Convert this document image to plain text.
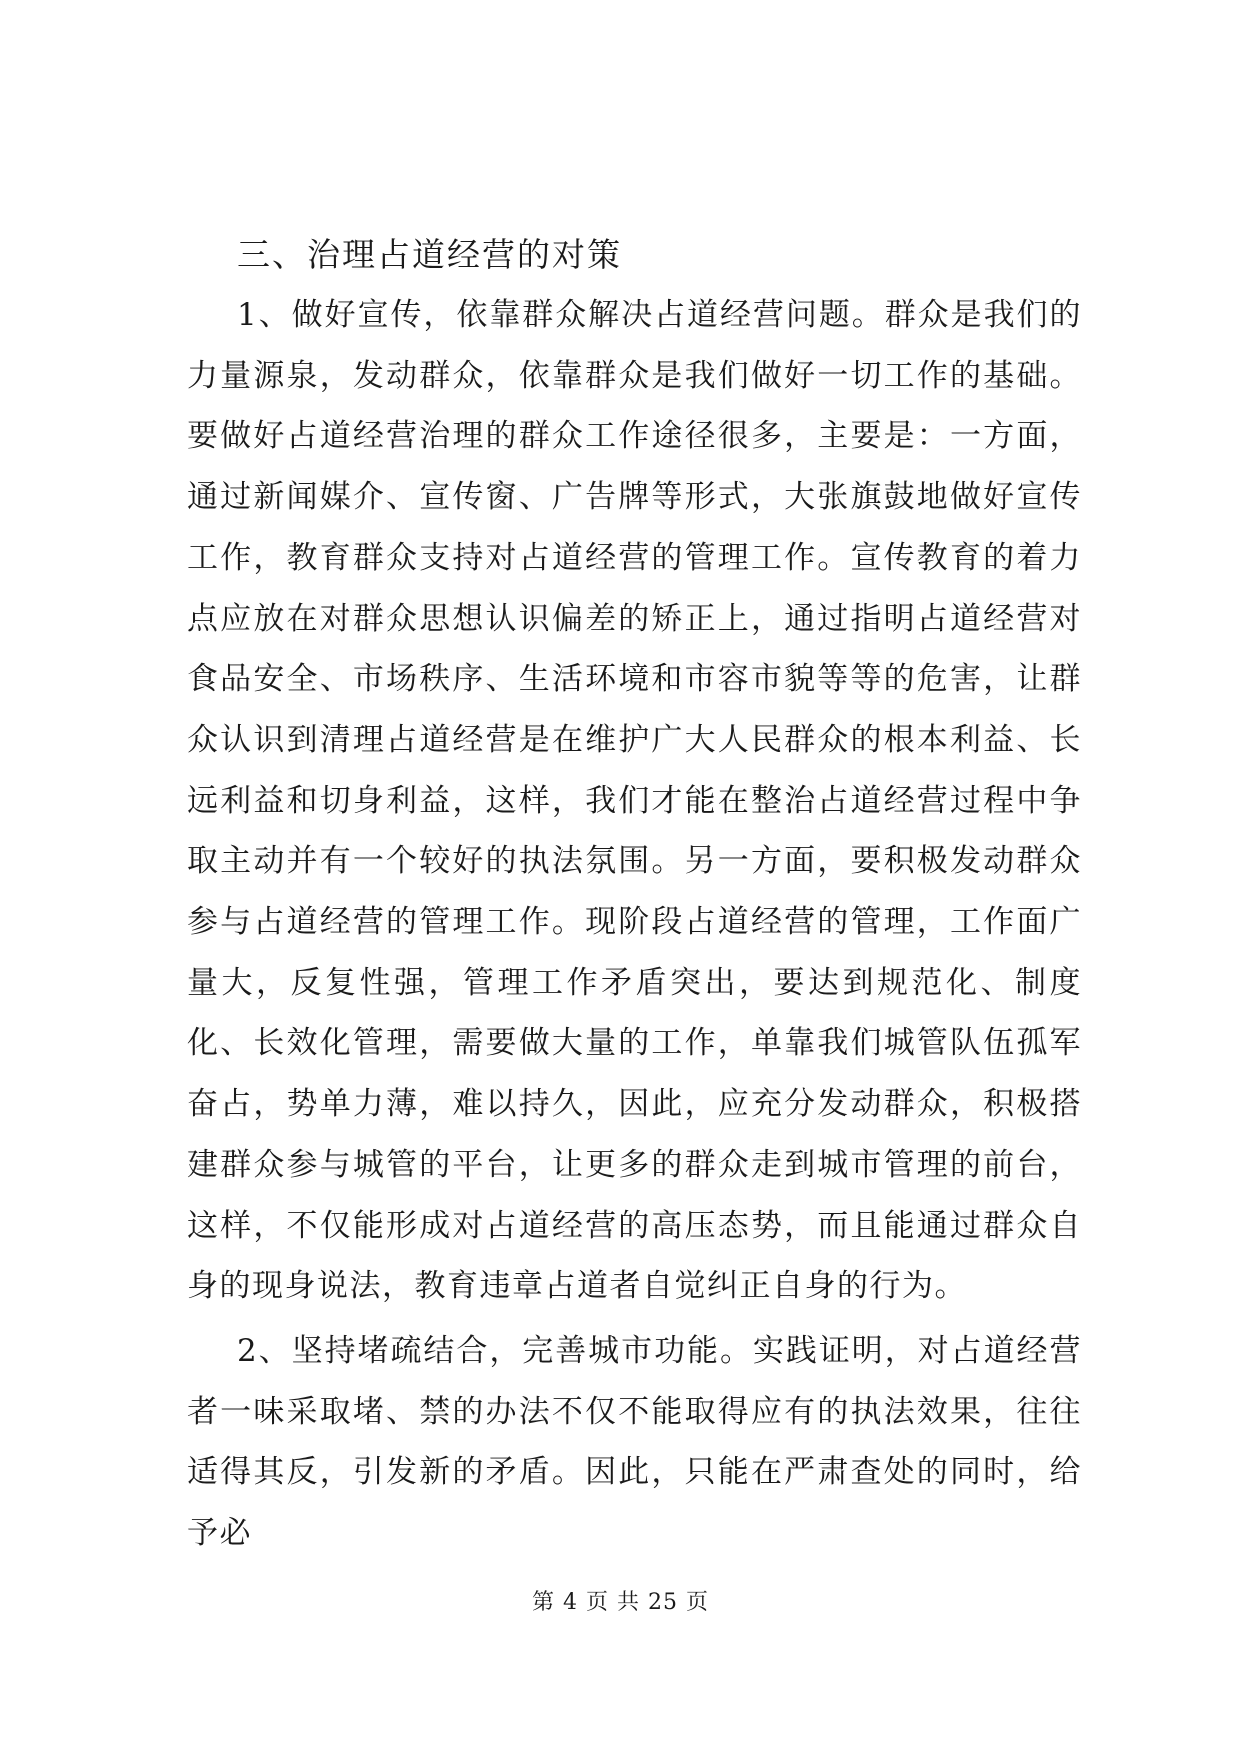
三、治理占道经营的对策

1、做好宣传，依靠群众解决占道经营问题。群众是我们的力量源泉，发动群众，依靠群众是我们做好一切工作的基础。要做好占道经营治理的群众工作途径很多，主要是：一方面，通过新闻媒介、宣传窗、广告牌等形式，大张旗鼓地做好宣传工作，教育群众支持对占道经营的管理工作。宣传教育的着力点应放在对群众思想认识偏差的矫正上，通过指明占道经营对食品安全、市场秩序、生活环境和市容市貌等等的危害，让群众认识到清理占道经营是在维护广大人民群众的根本利益、长远利益和切身利益，这样，我们才能在整治占道经营过程中争取主动并有一个较好的执法氛围。另一方面，要积极发动群众参与占道经营的管理工作。现阶段占道经营的管理，工作面广量大，反复性强，管理工作矛盾突出，要达到规范化、制度化、长效化管理，需要做大量的工作，单靠我们城管队伍孤军奋占，势单力薄，难以持久，因此，应充分发动群众，积极搭建群众参与城管的平台，让更多的群众走到城市管理的前台，这样，不仅能形成对占道经营的高压态势，而且能通过群众自身的现身说法，教育违章占道者自觉纠正自身的行为。

2、坚持堵疏结合，完善城市功能。实践证明，对占道经营者一味采取堵、禁的办法不仅不能取得应有的执法效果，往往适得其反，引发新的矛盾。因此，只能在严肃查处的同时，给予必

第 4 页 共 25 页
